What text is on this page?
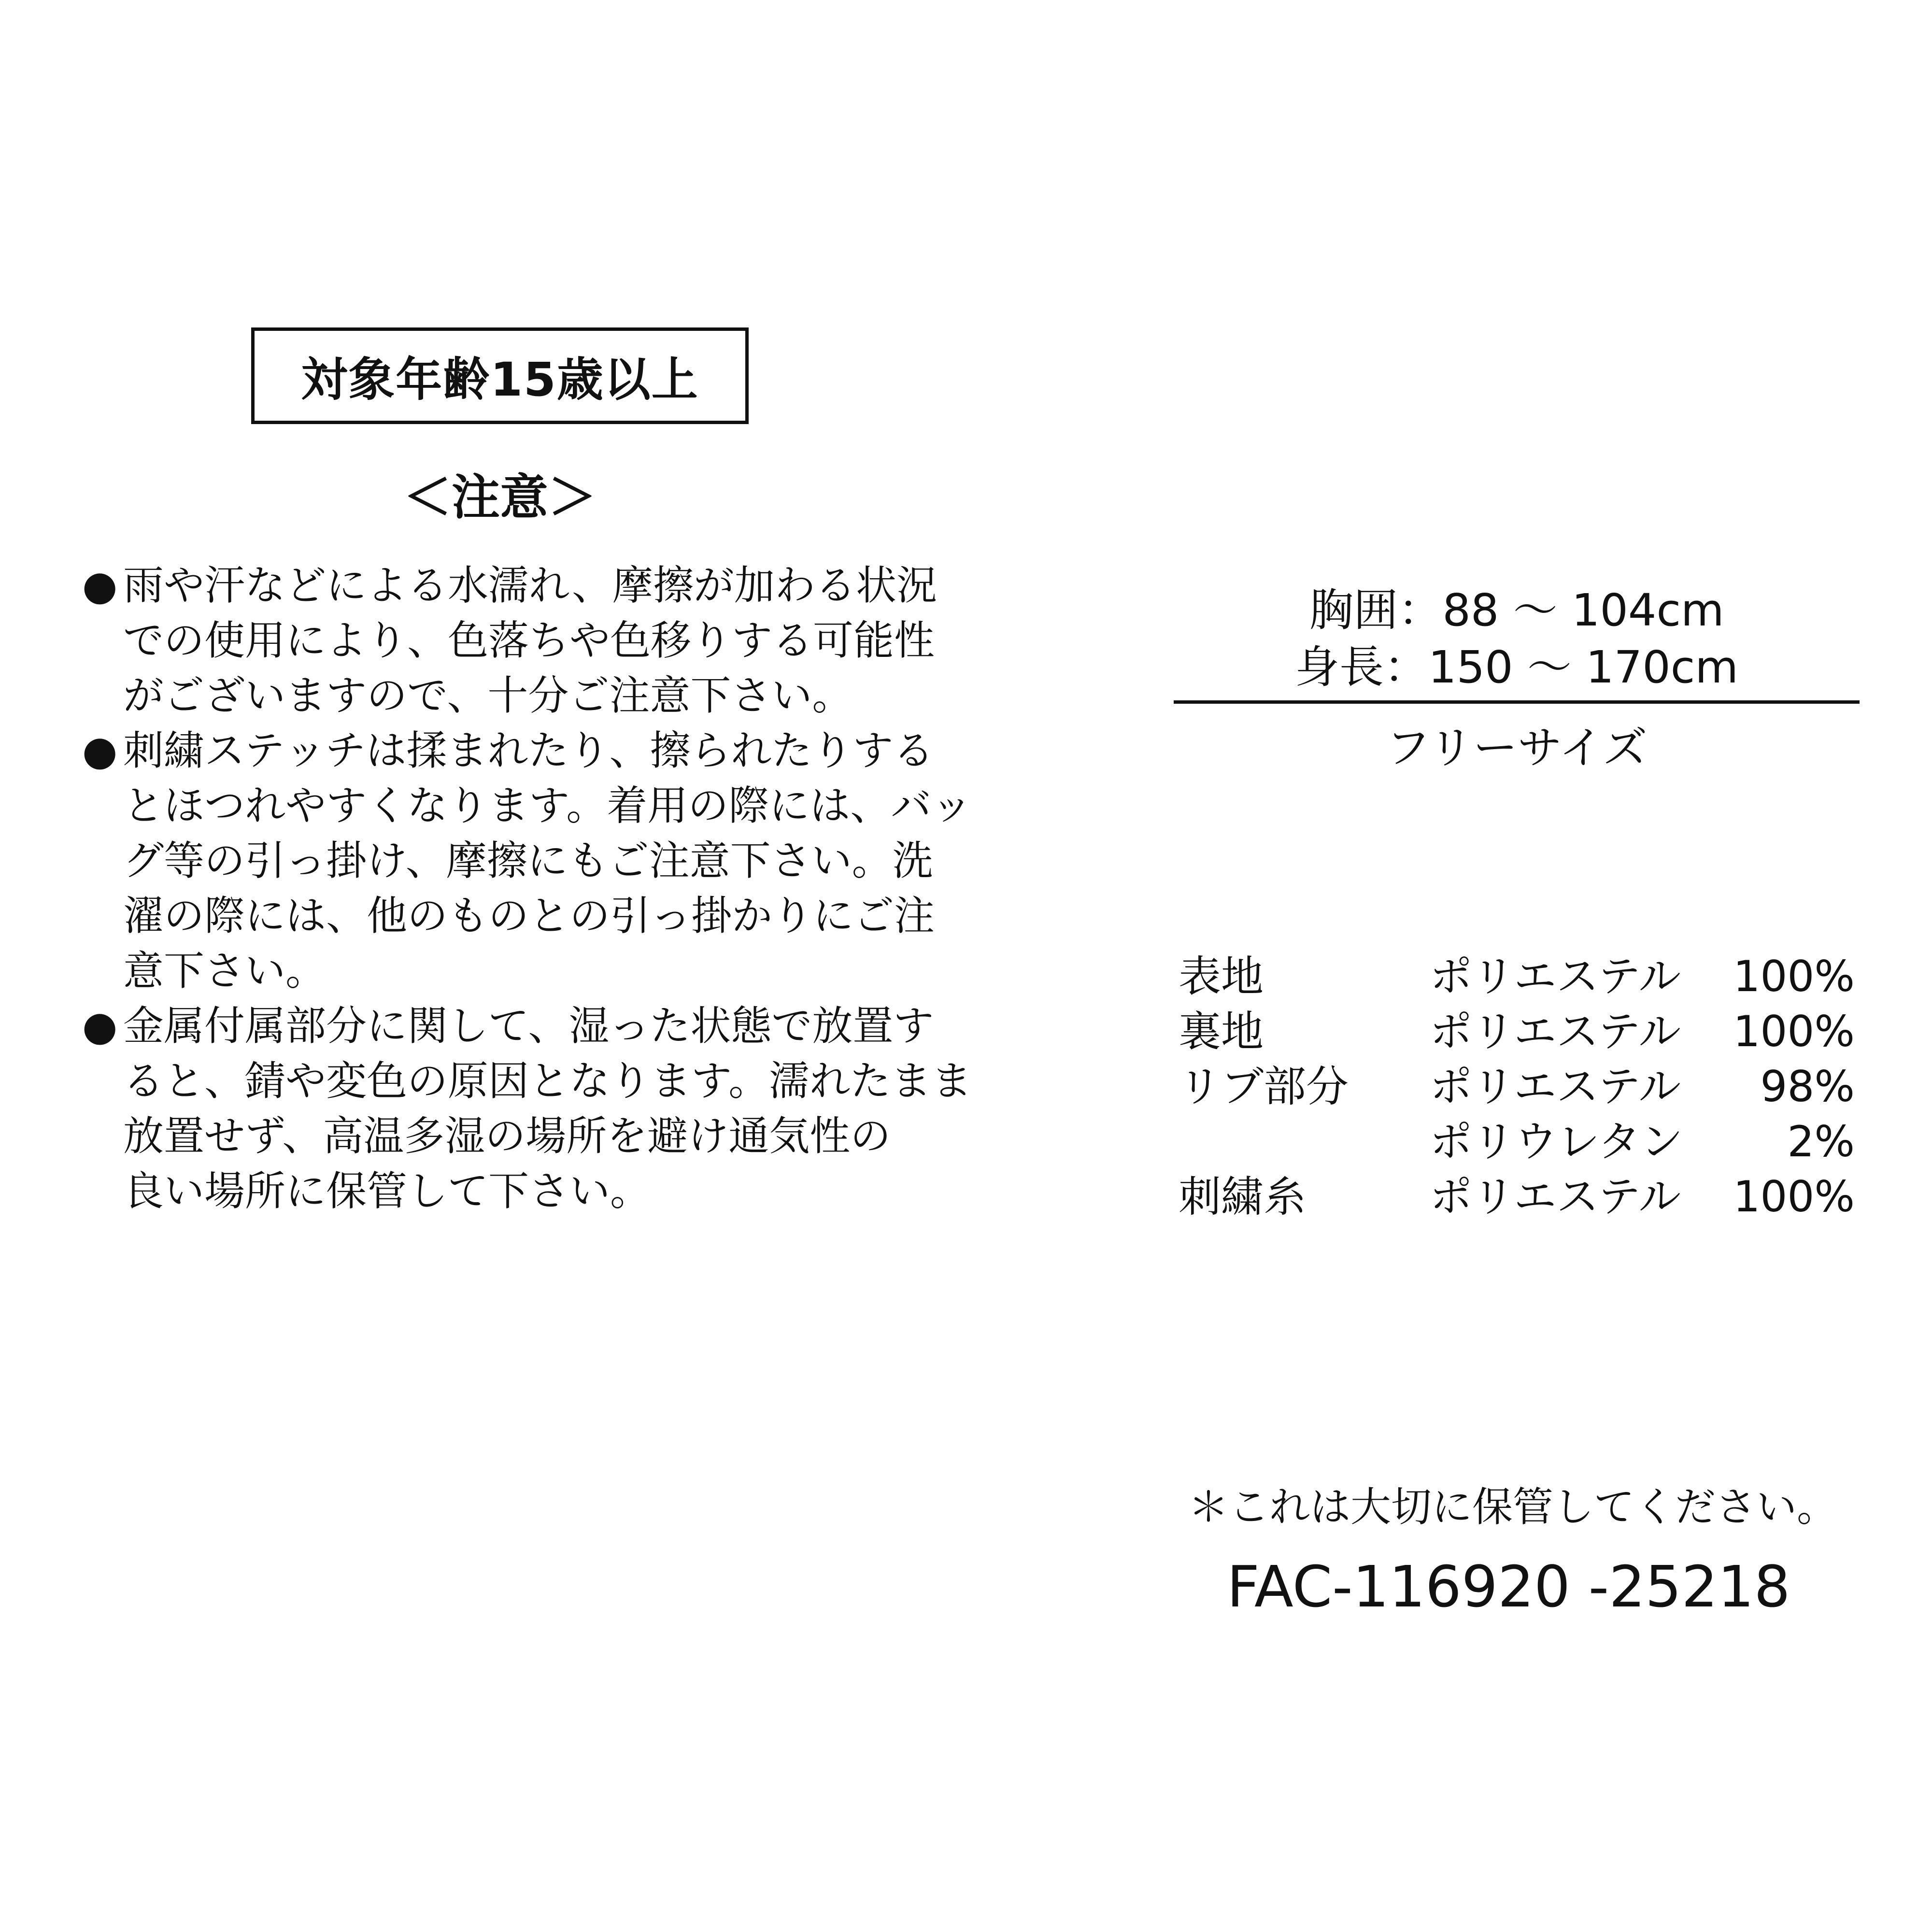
対象年齢15歳以上
＜注意＞
● 雨や汗などによる水濡れ、摩擦が加わる状況
での使用により、色落ちや色移りする可能性
がございますので、十分ご注意下さい。
● 刺繍ステッチは揉まれたり、擦られたりする
とほつれやすくなります。着用の際には、バッ
グ等の引っ掛け、摩擦にもご注意下さい。洗
濯の際には、他のものとの引っ掛かりにご注
意下さい。
● 金属付属部分に関して、湿った状態で放置す
ると、錆や変色の原因となります。濡れたまま
放置せず、高温多湿の場所を避け通気性の
良い場所に保管して下さい。
胸囲：88 ～ 104cm
身長：150 ～ 170cm
フリーサイズ
表地	ポリエステル	100%
裏地	ポリエステル	100%
リブ部分	ポリエステル	98%
	ポリウレタン	2%
刺繍糸	ポリエステル	100%
＊これは大切に保管してください。
FAC-116920 -25218
